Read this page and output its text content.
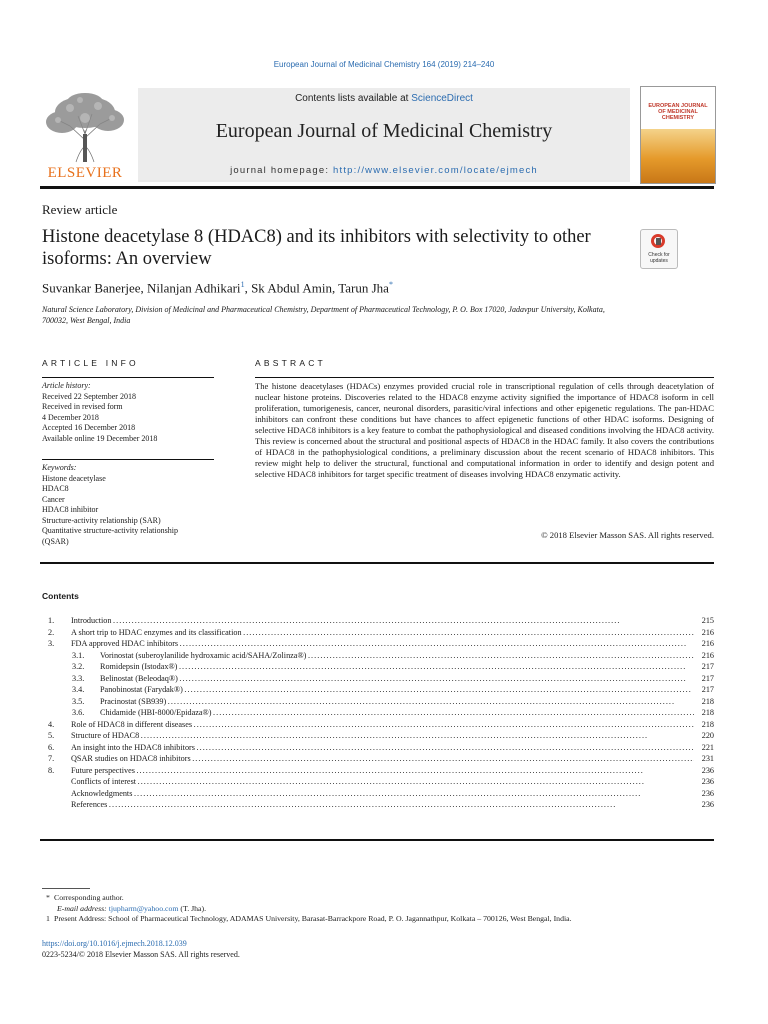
European Journal of Medicinal Chemistry 164 (2019) 214–240
ELSEVIER
Contents lists available at ScienceDirect
European Journal of Medicinal Chemistry
journal homepage: http://www.elsevier.com/locate/ejmech
EUROPEAN JOURNAL OF MEDICINAL CHEMISTRY
Review article
Histone deacetylase 8 (HDAC8) and its inhibitors with selectivity to other isoforms: An overview	Check for updates
Suvankar Banerjee, Nilanjan Adhikari$^1$, Sk Abdul Amin, Tarun Jha*
Natural Science Laboratory, Division of Medicinal and Pharmaceutical Chemistry, Department of Pharmaceutical Technology, P. O. Box 17020, Jadavpur University, Kolkata, 700032, West Bengal, India
ARTICLE INFO	ABSTRACT
Article history:
Received 22 September 2018
Received in revised form
4 December 2018
Accepted 16 December 2018
Available online 19 December 2018
Keywords:
Histone deacetylase
HDAC8
Cancer
HDAC8 inhibitor
Structure-activity relationship (SAR)
Quantitative structure-activity relationship
(QSAR)
The histone deacetylases (HDACs) enzymes provided crucial role in transcriptional regulation of cells through deacetylation of nuclear histone proteins. Discoveries related to the HDAC8 enzyme activity signified the importance of HDAC8 isoform in cell proliferation, tumorigenesis, cancer, neuronal disorders, parasitic/viral infections and other epigenetic regulations. The pan-HDAC inhibitors can confront these conditions but have chances to affect epigenetic functions of other HDAC isoforms. Designing of selective HDAC8 inhibitors is a key feature to combat the pathophysiological and diseased conditions involving the HDAC8 activity. This review is concerned about the structural and positional aspects of HDAC8 in the HDAC family. It also covers the contributions of HDAC8 in the pathophysiological conditions, a preliminary discussion about the recent scenario of HDAC8 inhibitors. This review might help to deliver the structural, functional and computational information in order to identify and design potent and selective HDAC8 inhibitors for target specific treatment of diseases involving HDAC8 enzymatic activity.
© 2018 Elsevier Masson SAS. All rights reserved.
Contents
1. Introduction . . .	215
2. A short trip to HDAC enzymes and its classification . . .	216
3. FDA approved HDAC inhibitors . . .	216
3.1. Vorinostat (suberoylanilide hydroxamic acid/SAHA/Zolinza®) . . .	216
3.2. Romidepsin (Istodax®) . . .	217
3.3. Belinostat (Beleodaq®) . . .	217
3.4. Panobinostat (Farydak®) . . .	217
3.5. Pracinostat (SB939) . . .	218
3.6. Chidamide (HBI-8000/Epidaza®) . . .	218
4. Role of HDAC8 in different diseases . . .	218
5. Structure of HDAC8 . . .	220
6. An insight into the HDAC8 inhibitors . . .	221
7. QSAR studies on HDAC8 inhibitors . . .	231
8. Future perspectives . . .	236
Conflicts of interest . . .	236
Acknowledgments . . .	236
References . . .	236
* Corresponding author.
E-mail address: tjupharm@yahoo.com (T. Jha).
1 Present Address: School of Pharmaceutical Technology, ADAMAS University, Barasat-Barrackpore Road, P. O. Jagannathpur, Kolkata – 700126, West Bengal, India.
https://doi.org/10.1016/j.ejmech.2018.12.039
0223-5234/© 2018 Elsevier Masson SAS. All rights reserved.
